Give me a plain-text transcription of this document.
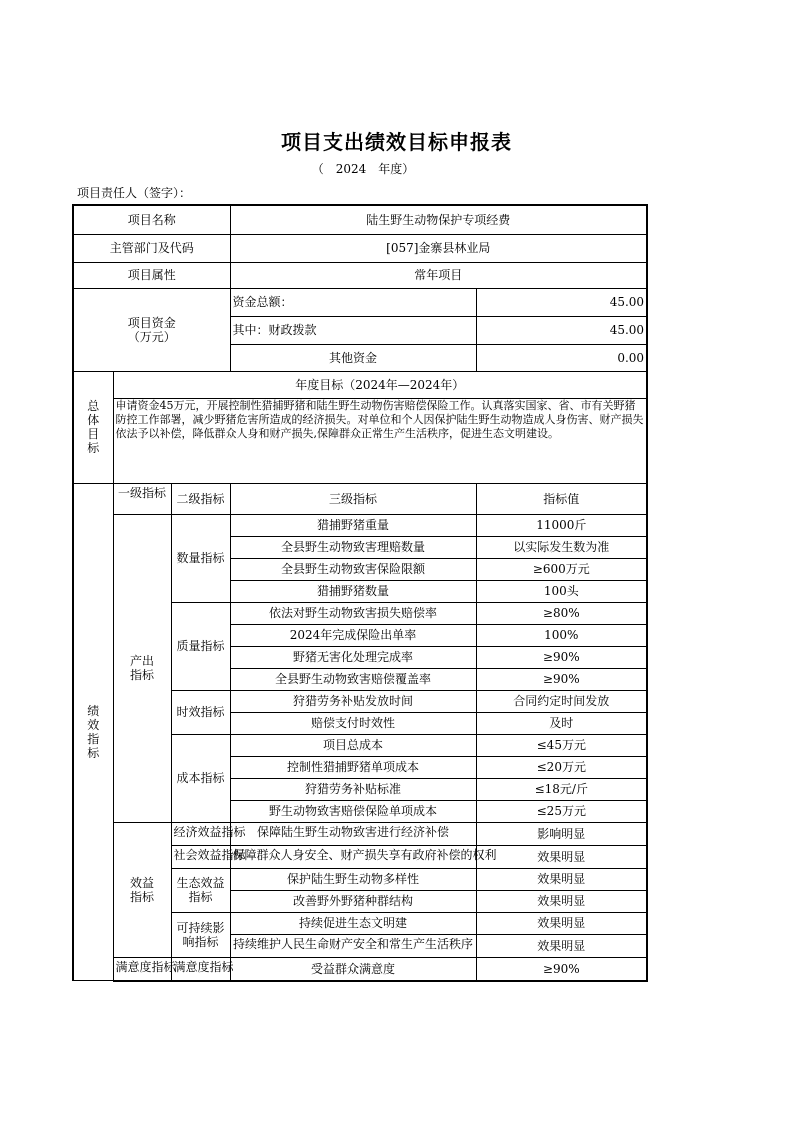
项目支出绩效目标申报表
（ 2024 年度）
项目责任人（签字）：
项目名称			陆生野生动物保护专项经费	
主管部门及代码			[057]金寨县林业局	
项目属性			常年项目	
项目资金
（万元）			资金总额：	45.00
			其中：财政拨款	45.00
			其他资金	0.00
总
体
目
标	年度目标（2024年—2024年）			
	申请资金45万元，开展控制性猎捕野猪和陆生野生动物伤害赔偿保险工作。认真落实国家、省、市有关野猪防控工作部署，减少野猪危害所造成的经济损失。对单位和个人因保护陆生野生动物造成人身伤害、财产损失依法予以补偿，降低群众人身和财产损失,保障群众正常生产生活秩序，促进生态文明建设。			
绩
效
指
标	一级指标	二级指标	三级指标	指标值
	产出指标	数量指标	猎捕野猪重量	11000斤
			全县野生动物致害理赔数量	以实际发生数为准
			全县野生动物致害保险限额	≥600万元
			猎捕野猪数量	100头
		质量指标	依法对野生动物致害损失赔偿率	≥80%
			2024年完成保险出单率	100%
			野猪无害化处理完成率	≥90%
			全县野生动物致害赔偿覆盖率	≥90%
		时效指标	狩猎劳务补贴发放时间	合同约定时间发放
			赔偿支付时效性	及时
		成本指标	项目总成本	≤45万元
			控制性猎捕野猪单项成本	≤20万元
			狩猎劳务补贴标准	≤18元/斤
			野生动物致害赔偿保险单项成本	≤25万元
	效益指标	经济效益指标	保障陆生野生动物致害进行经济补偿	影响明显

		社会效益指标	保障群众人身安全、财产损失享有政府补偿的权利	效果明显
		生态效益指标	保护陆生野生动物多样性	效果明显
			改善野外野猪种群结构	效果明显
		可持续影响指标	持续促进生态文明建	效果明显

			持续维护人民生命财产安全和常生产生活秩序	效果明显

	满意度指标	满意度指标	受益群众满意度	≥90%
